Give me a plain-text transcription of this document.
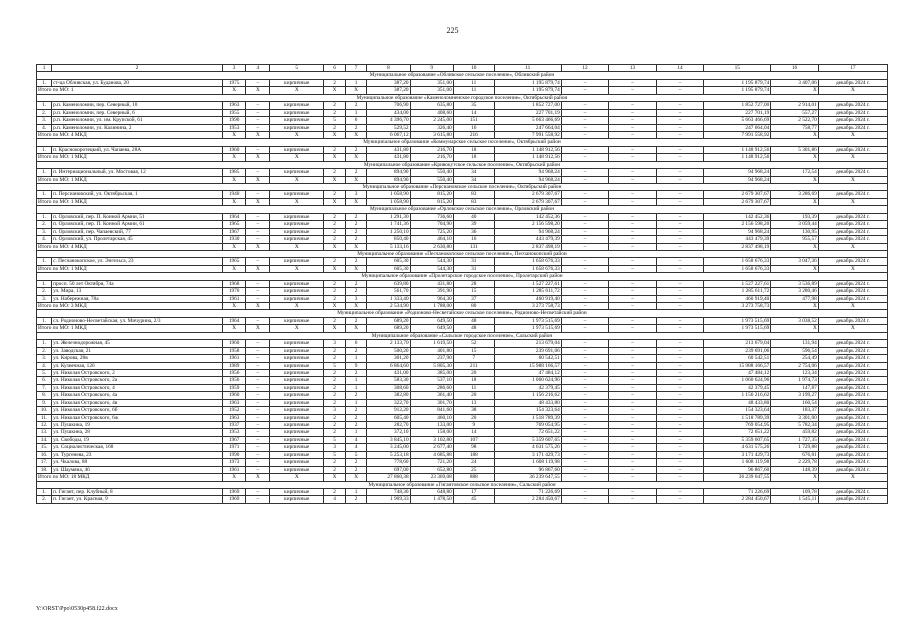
225
1	2	3	4	5	6	7	8	9	10	11	12	13	14	15	16	17
Муниципальное образование «Обливское сельское поселение», Обливский район																
1.	ст-ца Обливская, ул. Буданова, 20	1975	–	кирпичные	2	1	387,20	351,00	11	1 195 879,74	–	–	–	1 195 879,74	3 407,06	декабрь 2024 г.
Итого по МО: 1		X	X	X	X	X	387,20	351,00	11	1 195 879,74	–	–	–	1 195 879,74	X	X
Муниципальное образование «Каменоломненское городское поселение», Октябрьский район																
1.	р.п. Каменоломни, пер. Северный, 10	1963	–	кирпичные	2	2	706,90	635,80	35	1 852 727,00	–	–	–	1 852 727,00	2 914,01	декабрь 2024 г.
2.	р.п. Каменоломни, пер. Северный, 6	1955	–	кирпичные	2	1	434,00	408,60	14	227 701,19	–	–	–	227 701,19	557,27	декабрь 2024 г.
3.	р.п. Каменоломни, ул. им. Крупской, 61	1990	–	кирпичные	5	6	4 396,70	2 245,00	151	5 663 466,69	–	–	–	5 663 466,69	2 522,70	декабрь 2024 г.
4.	р.п. Каменоломни, ул. Калинина, 2	1953	–	кирпичные	2	2	529,52	326,40	16	247 664,04	–	–	–	247 664,04	758,77	декабрь 2024 г.
Итого по МО: 4 МКД		X	X	X	X	X	6 067,12	3 615,80	216	7 991 558,92	–	–	–	7 991 558,92	X	X
Муниципальное образование «Коммунарское сельское поселение», Октябрьский район																
1.	п. Краснокоротецкий, ул. Чапаева, 28А	1960	–	кирпичные	2	2	431,80	216,70	18	1 148 912,56	–	–	–	1 148 912,56	5 301,86	декабрь 2024 г.
Итого по МО: 1 МКД		X	X	X	X	X	431,80	216,70	18	1 148 912,56	–	–	–	1 148 912,56	X	X
Муниципальное образование «Кривокутское сельское поселение», Октябрьский район																
1.	п. Интернациональный, ул. Мостовая, 12	1985	–	кирпичные	2	2	894,90	550,40	34	94 968,24	–	–	–	94 968,24	172,54	декабрь 2024 г.
Итого по МО: 1 МКД		X	X	X	X	X	894,90	550,40	34	94 968,24	–	–	–	94 968,24	X	X
Муниципальное образование «Персиановское сельское поселение», Октябрьский район																
1.	п. Персиановский, ул. Октябрьская, 1	1940	–	кирпичные	2	3	1 058,90	815,20	83	2 679 307,67	–	–	–	2 679 307,67	3 286,69	декабрь 2024 г.
Итого по МО: 1 МКД		X	X	X	X	X	1 058,90	815,20	83	2 679 307,67	–	–	–	2 679 307,67	X	X
Муниципальное образование «Орловское сельское поселение», Орловский район																
1.	п. Орловский, пер. П. Конной Армии, 51	1964	–	кирпичные	2	2	1 291,30	736,60	40	142 452,36	–	–	–	142 452,36	193,39	декабрь 2024 г.
2.	п. Орловский, пер. П. Конной Армии, 61	1965	–	кирпичные	2	2	1 741,36	704,90	39	2 156 598,20	–	–	–	2 156 598,20	3 059,44	декабрь 2024 г.
3.	п. Орловский, пер. Чапаевский, 77	1967	–	кирпичные	2	2	1 250,10	725,20	36	94 968,24	–	–	–	94 968,24	130,95	декабрь 2024 г.
4.	п. Орловский, ул. Пролетарская, 45	1930	–	кирпичные	2	2	850,40	464,10	16	443 479,39	–	–	–	443 479,39	955,57	декабрь 2024 г.
Итого по МО: 4 МКД		X	X	X	X	X	5 133,16	2 630,80	131	2 837 498,19	–	–	–	2 837 498,19	X	X
Муниципальное образование «Песчанокопское сельское поселение», Песчанокопский район																
1.	с. Песчанокопское, ул. Энгельса, 23	1965	–	кирпичные	2	2	605,30	544,30	31	1 658 676,33	–	–	–	1 658 676,33	3 047,36	декабрь 2024 г.
Итого по МО: 1 МКД		X	X	X	X	X	605,30	544,30	31	1 658 676,33	–	–	–	1 658 676,33	X	X
Муниципальное образование «Пролетарское городское поселение», Пролетарский район																
1.	просп. 50 лет Октября, 74а	1968	–	кирпичные	2	2	639,80	431,80	28	1 527 227,61	–	–	–	1 527 227,61	3 536,89	декабрь 2024 г.
2.	ул. Мира, 13	1970	–	кирпичные	2	2	561,70	391,90	15	1 285 611,72	–	–	–	1 285 611,72	3 280,46	декабрь 2024 г.
3.	ул. Набережная, 78а	1961	–	кирпичные	2	3	1 333,40	964,30	37	460 919,40	–	–	–	460 919,40	477,98	декабрь 2024 г.
Итого по МО: 3 МКД		X	X	X	X	X	2 534,90	1 788,00	80	3 273 758,73	–	–	–	3 273 758,73	X	X
Муниципальное образование «Родионово-Несветайское сельское поселение», Родионово-Несветайский район																
1.	сл. Родионово-Несветайская, ул. Мичурина, 2/3	1964	–	кирпичные	2	2	689,20	649,50	48	1 973 515,69	–	–	–	1 973 515,69	3 038,52	декабрь 2024 г.
Итого по МО: 1 МКД		X	X	X	X	X	689,20	649,50	48	1 973 515,69	–	–	–	1 973 515,69	X	X
Муниципальное образование «Сальское городское поселение», Сальский район																
1.	ул. Железнодорожная, 45	1960	–	кирпичные	3	6	2 133,70	1 619,50	52	213 679,04	–	–	–	213 679,04	131,94	декабрь 2024 г.
2.	ул. Заводская, 21	1958	–	кирпичные	2	2	500,20	401,80	15	239 691,06	–	–	–	239 691,06	596,54	декабрь 2024 г.
3.	ул. Кирова, 28в	1961	–	кирпичные	2	1	301,20	237,90	7	60 542,51	–	–	–	60 542,51	254,49	декабрь 2024 г.
4.	ул. Кузнечная, 126	1989	–	кирпичные	5	9	6 864,60	5 805,30	211	15 988 166,57	–	–	–	15 988 166,57	2 754,06	декабрь 2024 г.
5.	ул. Николая Островского, 2	1956	–	кирпичные	2	2	431,00	385,00	20	47 484,12	–	–	–	47 484,12	123,34	декабрь 2024 г.
6.	ул. Николая Островского, 2а	1956	–	кирпичные	2	1	583,30	537,10	18	1 060 624,96	–	–	–	1 060 624,96	1 974,73	декабрь 2024 г.
7.	ул. Николая Островского, 4	1959	–	кирпичные	2	1	308,60	286,60	11	42 379,45	–	–	–	42 379,45	147,87	декабрь 2024 г.
8.	ул. Николая Островского, 4а	1960	–	кирпичные	2	2	382,80	361,40	20	1 156 216,62	–	–	–	1 156 216,62	3 199,27	декабрь 2024 г.
9.	ул. Николая Островского, 4в	1963	–	кирпичные	2	1	322,70	301,70	13	48 433,80	–	–	–	48 433,80	160,54	декабрь 2024 г.
10.	ул. Николая Островского, 6б	1952	–	кирпичные	3	2	912,20	841,60	38	154 323,64	–	–	–	154 323,64	183,37	декабрь 2024 г.
11.	ул. Николая Островского, 6ж	1963	–	кирпичные	2	2	605,40	460,10	20	1 518 789,39	–	–	–	1 518 789,39	3 301,00	декабрь 2024 г.
12.	ул. Пушкина, 19	1937	–	кирпичные	2	2	282,70	133,00	9	769 054,95	–	–	–	769 054,95	5 782,34	декабрь 2024 г.
13.	ул. Пушкина, 28	1953	–	кирпичные	2	1	372,10	158,00	14	72 651,22	–	–	–	72 651,22	459,82	декабрь 2024 г.
14.	ул. Свободы, 19	1967	–	кирпичные	5	4	3 845,10	3 102,80	107	5 359 607,65	–	–	–	5 359 607,65	1 727,35	декабрь 2024 г.
15.	ул. Социалистическая, 168	1971	–	кирпичные	3	4	3 245,00	2 677,40	98	4 631 575,26	–	–	–	4 631 575,26	1 729,88	декабрь 2024 г.
16.	ул. Тургенева, 23	1990	–	кирпичные	5	5	5 253,18	4 685,88	188	3 171 429,73	–	–	–	3 171 429,73	676,81	декабрь 2024 г.
17.	ул. Чкалова, 88	1973	–	кирпичные	2	2	778,60	721,20	24	1 608 119,98	–	–	–	1 608 119,98	2 229,78	декабрь 2024 г.
18.	ул. Шаумяна, 46	1961	–	кирпичные	2	2	697,00	652,80	25	96 867,60	–	–	–	96 867,60	148,39	декабрь 2024 г.
Итого по МО: 18 МКД		X	X	X	X	X	27 860,38	23 369,08	888	36 239 647,55	–	–	–	36 239 647,55	X	X
Муниципальное образование «Гигантовское сельское поселение», Сальский район																
1.	п. Гигант, пер. Клубный, 8	1969	–	кирпичные	2	1	748,30	648,80	17	71 226,69	–	–	–	71 226,69	109,78	декабрь 2024 г.
2.	п. Гигант, ул. Красная, 9	1969	–	кирпичные	4	2	1 909,33	1 478,50	45	2 284 450,67	–	–	–	2 284 450,67	1 545,11	декабрь 2024 г.
Y:\ORST\Ppo\0530p458.f22.docx
